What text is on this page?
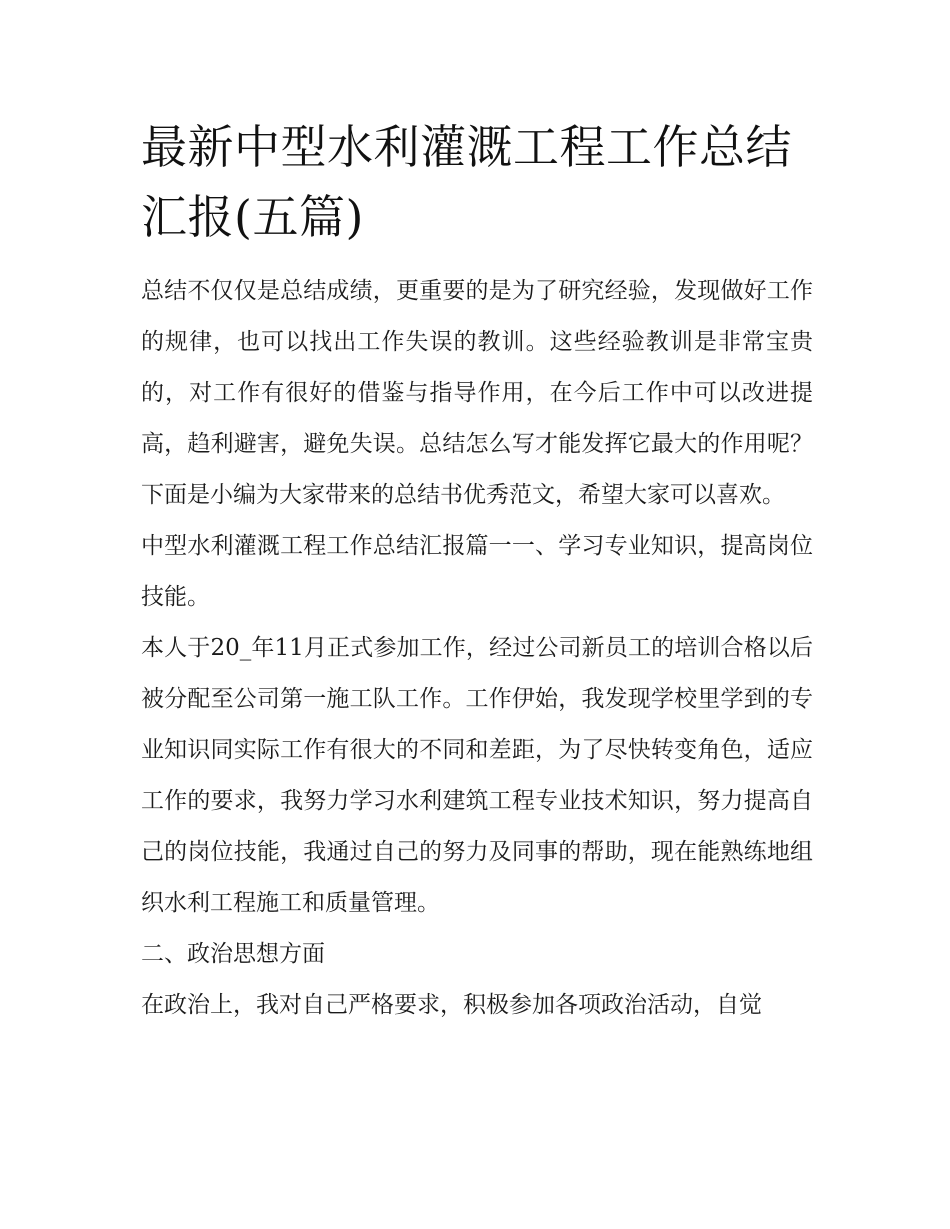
最新中型水利灌溉工程工作总结汇报(五篇)

总结不仅仅是总结成绩，更重要的是为了研究经验，发现做好工作的规律，也可以找出工作失误的教训。这些经验教训是非常宝贵的，对工作有很好的借鉴与指导作用，在今后工作中可以改进提高，趋利避害，避免失误。总结怎么写才能发挥它最大的作用呢？下面是小编为大家带来的总结书优秀范文，希望大家可以喜欢。

中型水利灌溉工程工作总结汇报篇一一、学习专业知识，提高岗位技能。

本人于20_年11月正式参加工作，经过公司新员工的培训合格以后被分配至公司第一施工队工作。工作伊始，我发现学校里学到的专业知识同实际工作有很大的不同和差距，为了尽快转变角色，适应工作的要求，我努力学习水利建筑工程专业技术知识，努力提高自己的岗位技能，我通过自己的努力及同事的帮助，现在能熟练地组织水利工程施工和质量管理。

二、政治思想方面

在政治上，我对自己严格要求，积极参加各项政治活动，自觉
